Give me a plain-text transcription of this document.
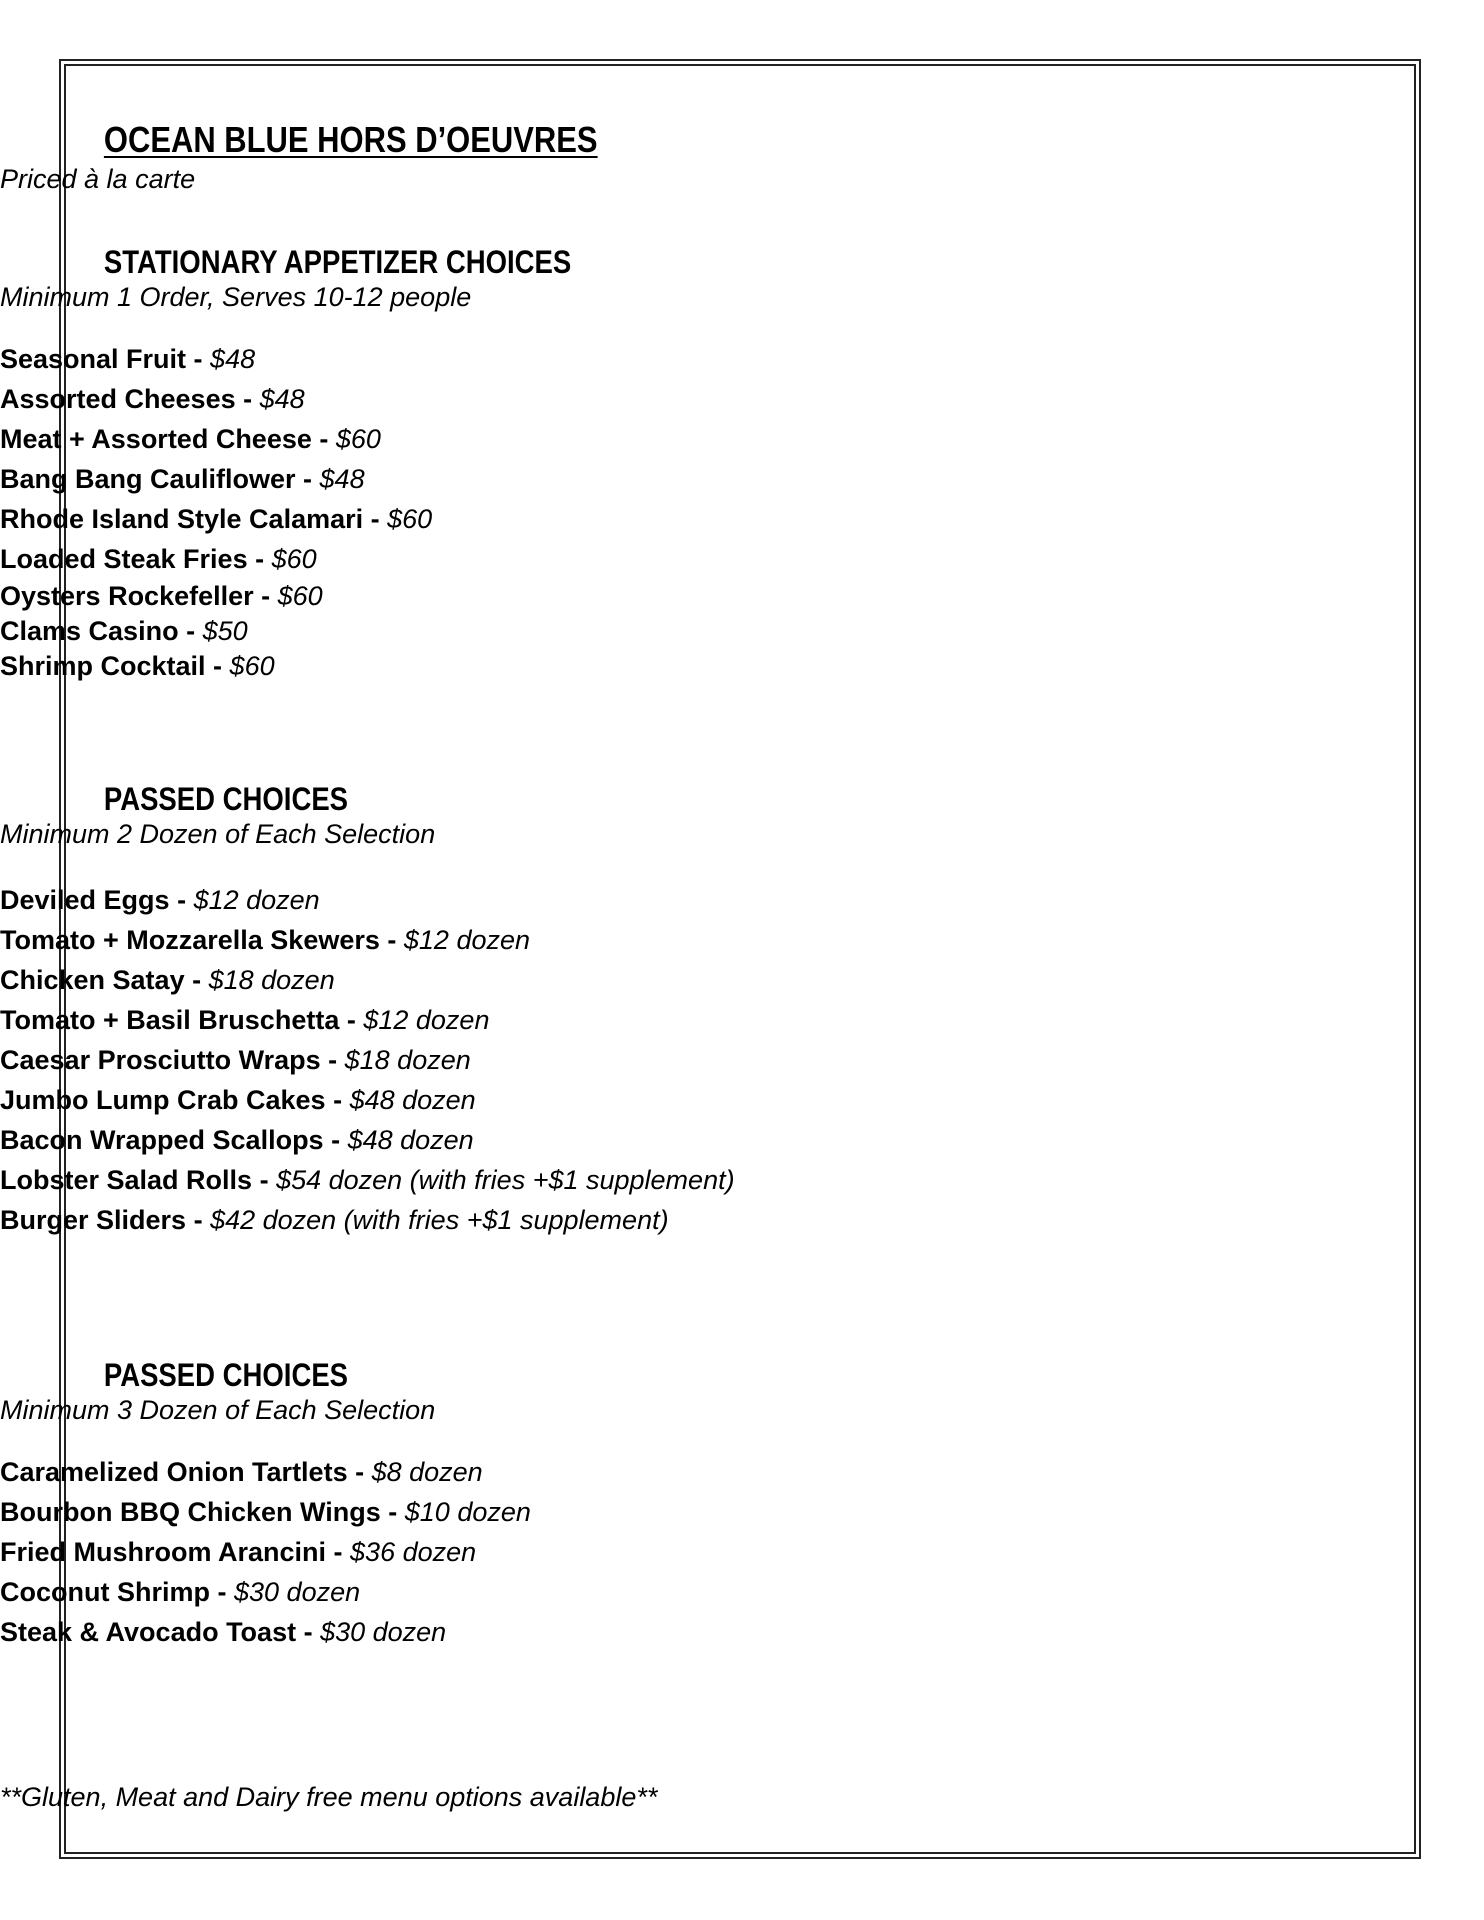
OCEAN BLUE HORS D’OEUVRES
Priced à la carte
STATIONARY APPETIZER CHOICES
Minimum 1 Order, Serves 10-12 people
Seasonal Fruit - $48
Assorted Cheeses - $48
Meat + Assorted Cheese - $60
Bang Bang Cauliflower - $48
Rhode Island Style Calamari - $60
Loaded Steak Fries - $60
Oysters Rockefeller - $60
Clams Casino - $50
Shrimp Cocktail - $60
PASSED CHOICES
Minimum 2 Dozen of Each Selection
Deviled Eggs - $12 dozen
Tomato + Mozzarella Skewers - $12 dozen
Chicken Satay - $18 dozen
Tomato + Basil Bruschetta - $12 dozen
Caesar Prosciutto Wraps - $18 dozen
Jumbo Lump Crab Cakes - $48 dozen
Bacon Wrapped Scallops - $48 dozen
Lobster Salad Rolls - $54 dozen (with fries +$1 supplement)
Burger Sliders - $42 dozen (with fries +$1 supplement)
PASSED CHOICES
Minimum 3 Dozen of Each Selection
Caramelized Onion Tartlets - $8 dozen
Bourbon BBQ Chicken Wings - $10 dozen
Fried Mushroom Arancini - $36 dozen
Coconut Shrimp - $30 dozen
Steak & Avocado Toast - $30 dozen
**Gluten, Meat and Dairy free menu options available**
